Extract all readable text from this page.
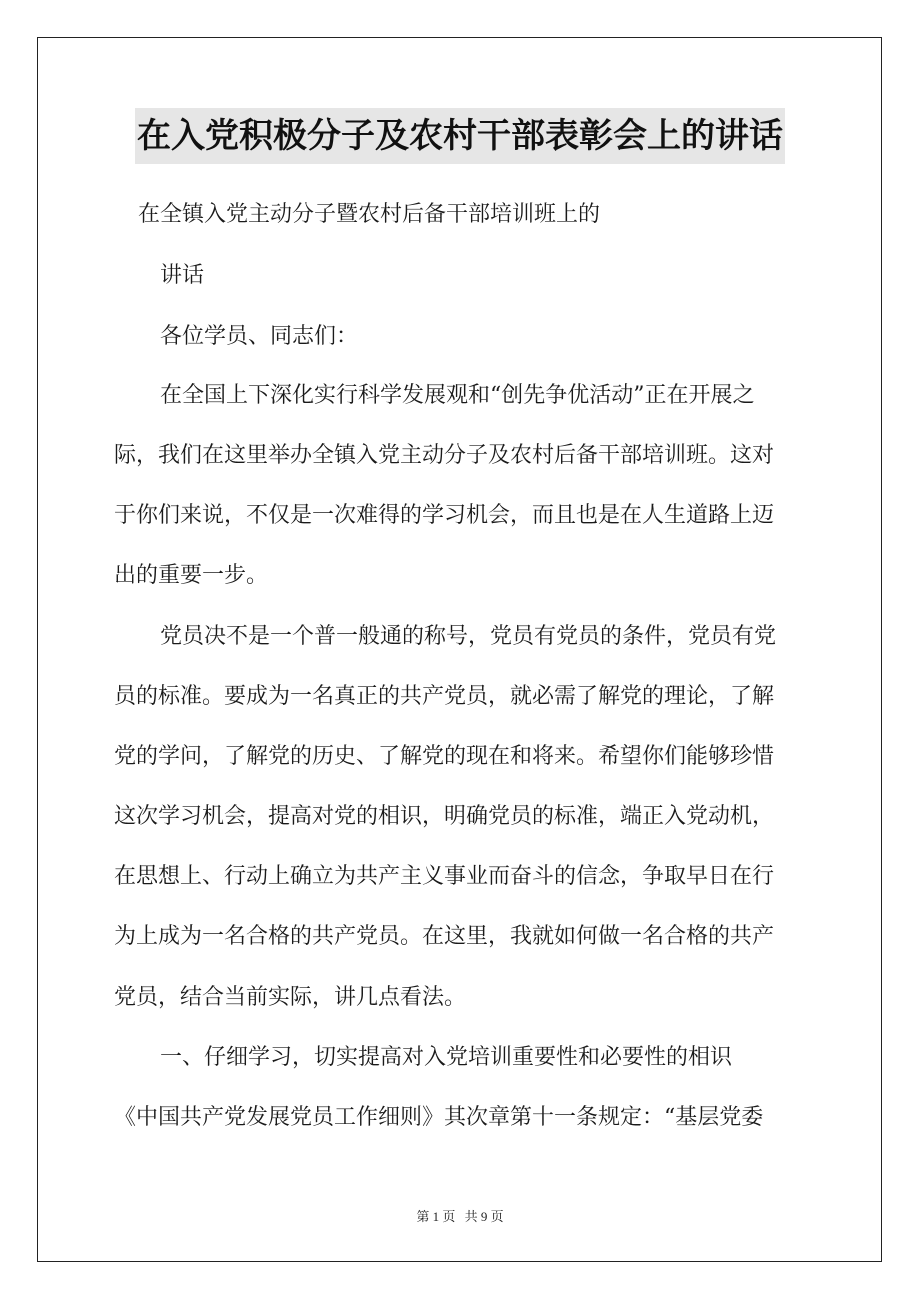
在入党积极分子及农村干部表彰会上的讲话
在全镇入党主动分子暨农村后备干部培训班上的
讲话
各位学员、同志们：
在全国上下深化实行科学发展观和“创先争优活动”正在开展之
际，我们在这里举办全镇入党主动分子及农村后备干部培训班。这对
于你们来说，不仅是一次难得的学习机会，而且也是在人生道路上迈
出的重要一步。
党员决不是一个普一般通的称号，党员有党员的条件，党员有党
员的标准。要成为一名真正的共产党员，就必需了解党的理论，了解
党的学问，了解党的历史、了解党的现在和将来。希望你们能够珍惜
这次学习机会，提高对党的相识，明确党员的标准，端正入党动机，
在思想上、行动上确立为共产主义事业而奋斗的信念，争取早日在行
为上成为一名合格的共产党员。在这里，我就如何做一名合格的共产
党员，结合当前实际，讲几点看法。
一、仔细学习，切实提高对入党培训重要性和必要性的相识
《中国共产党发展党员工作细则》其次章第十一条规定：“基层党委
第 1 页 共 9 页
